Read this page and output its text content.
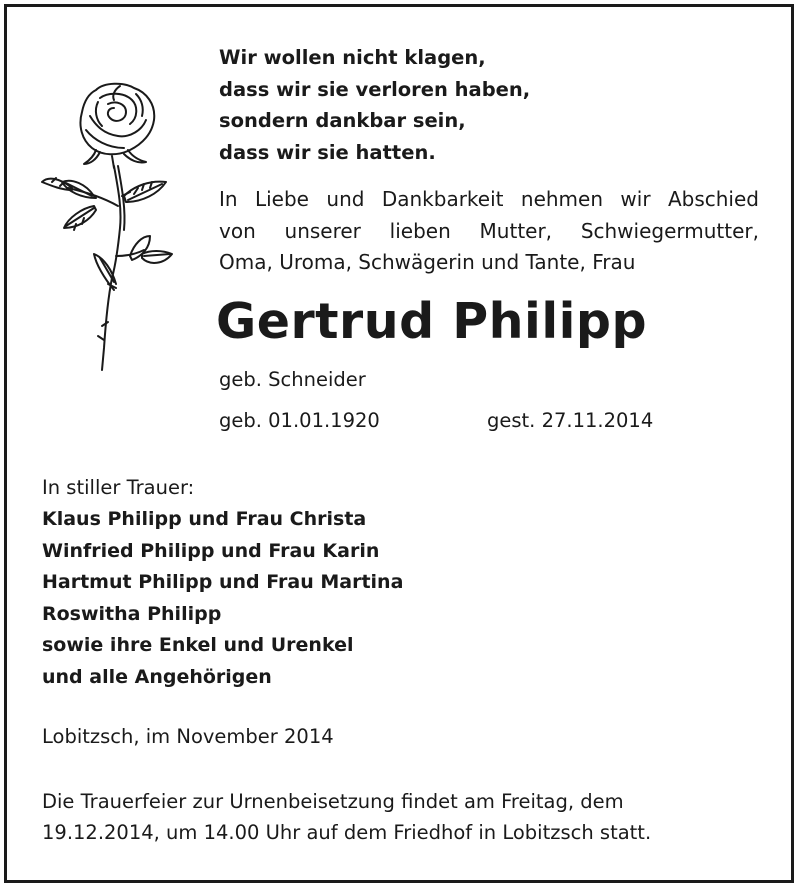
Wir wollen nicht klagen,
dass wir sie verloren haben,
sondern dankbar sein,
dass wir sie hatten.
In Liebe und Dankbarkeit nehmen wir Abschied
von unserer lieben Mutter, Schwiegermutter,
Oma, Uroma, Schwägerin und Tante, Frau
Gertrud Philipp
geb. Schneider
geb. 01.01.1920	gest. 27.11.2014
In stiller Trauer:
Klaus Philipp und Frau Christa
Winfried Philipp und Frau Karin
Hartmut Philipp und Frau Martina
Roswitha Philipp
sowie ihre Enkel und Urenkel
und alle Angehörigen
Lobitzsch, im November 2014
Die Trauerfeier zur Urnenbeisetzung findet am Freitag, dem
19.12.2014, um 14.00 Uhr auf dem Friedhof in Lobitzsch statt.
